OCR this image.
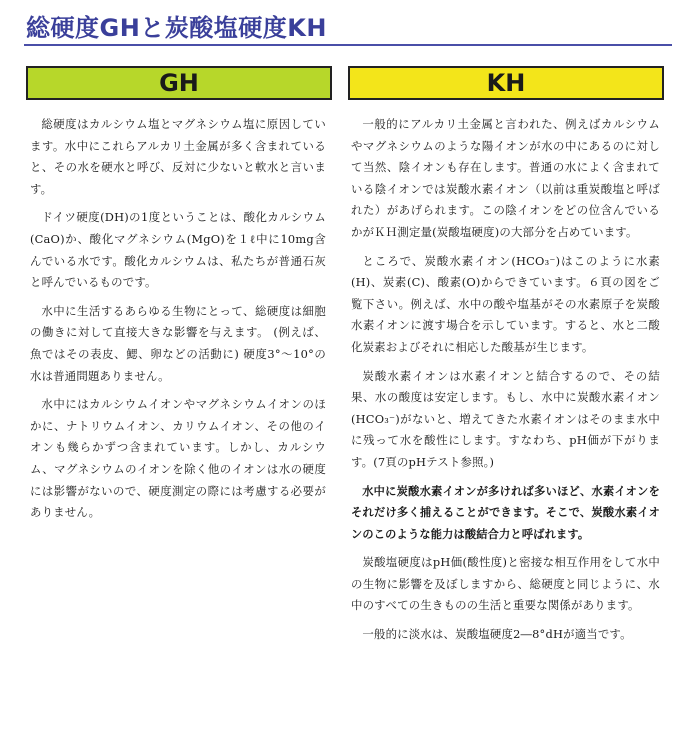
総硬度GHと炭酸塩硬度KH
GH	KH

総硬度はカルシウム塩とマグネシウム塩に原因しています。水中にこれらアルカリ土金属が多く含まれていると、その水を硬水と呼び、反対に少ないと軟水と言います。

ドイツ硬度(DH)の1度ということは、酸化カルシウム(CaO)か、酸化マグネシウム(MgO)を１ℓ中に10mg含んでいる水です。酸化カルシウムは、私たちが普通石灰と呼んでいるものです。

水中に生活するあらゆる生物にとって、総硬度は細胞の働きに対して直接大きな影響を与えます。 (例えば、魚ではその表皮、鰓、卵などの活動に) 硬度3°～10°の水は普通問題ありません。

水中にはカルシウムイオンやマグネシウムイオンのほかに、ナトリウムイオン、カリウムイオン、その他のイオンも幾らかずつ含まれています。しかし、カルシウム、マグネシウムのイオンを除く他のイオンは水の硬度には影響がないので、硬度測定の際には考慮する必要がありません。

一般的にアルカリ土金属と言われた、例えばカルシウムやマグネシウムのような陽イオンが水の中にあるのに対して当然、陰イオンも存在します。普通の水によく含まれている陰イオンでは炭酸水素イオン（以前は重炭酸塩と呼ばれた）があげられます。この陰イオンをどの位含んでいるかがＫＨ測定量(炭酸塩硬度)の大部分を占めています。

ところで、炭酸水素イオン(HCO₃⁻)はこのように水素(H)、炭素(C)、酸素(O)からできています。６頁の図をご覧下さい。例えば、水中の酸や塩基がその水素原子を炭酸水素イオンに渡す場合を示しています。すると、水と二酸化炭素およびそれに相応した酸基が生じます。

炭酸水素イオンは水素イオンと結合するので、その結果、水の酸度は安定します。もし、水中に炭酸水素イオン(HCO₃⁻)がないと、増えてきた水素イオンはそのまま水中に残って水を酸性にします。すなわち、pH価が下がります。(7頁のpHテスト参照。)

水中に炭酸水素イオンが多ければ多いほど、水素イオンをそれだけ多く捕えることができます。そこで、炭酸水素イオンのこのような能力は酸結合力と呼ばれます。

炭酸塩硬度はpH価(酸性度)と密接な相互作用をして水中の生物に影響を及ぼしますから、総硬度と同じように、水中のすべての生きものの生活と重要な関係があります。

一般的に淡水は、炭酸塩硬度2―8°dHが適当です。
